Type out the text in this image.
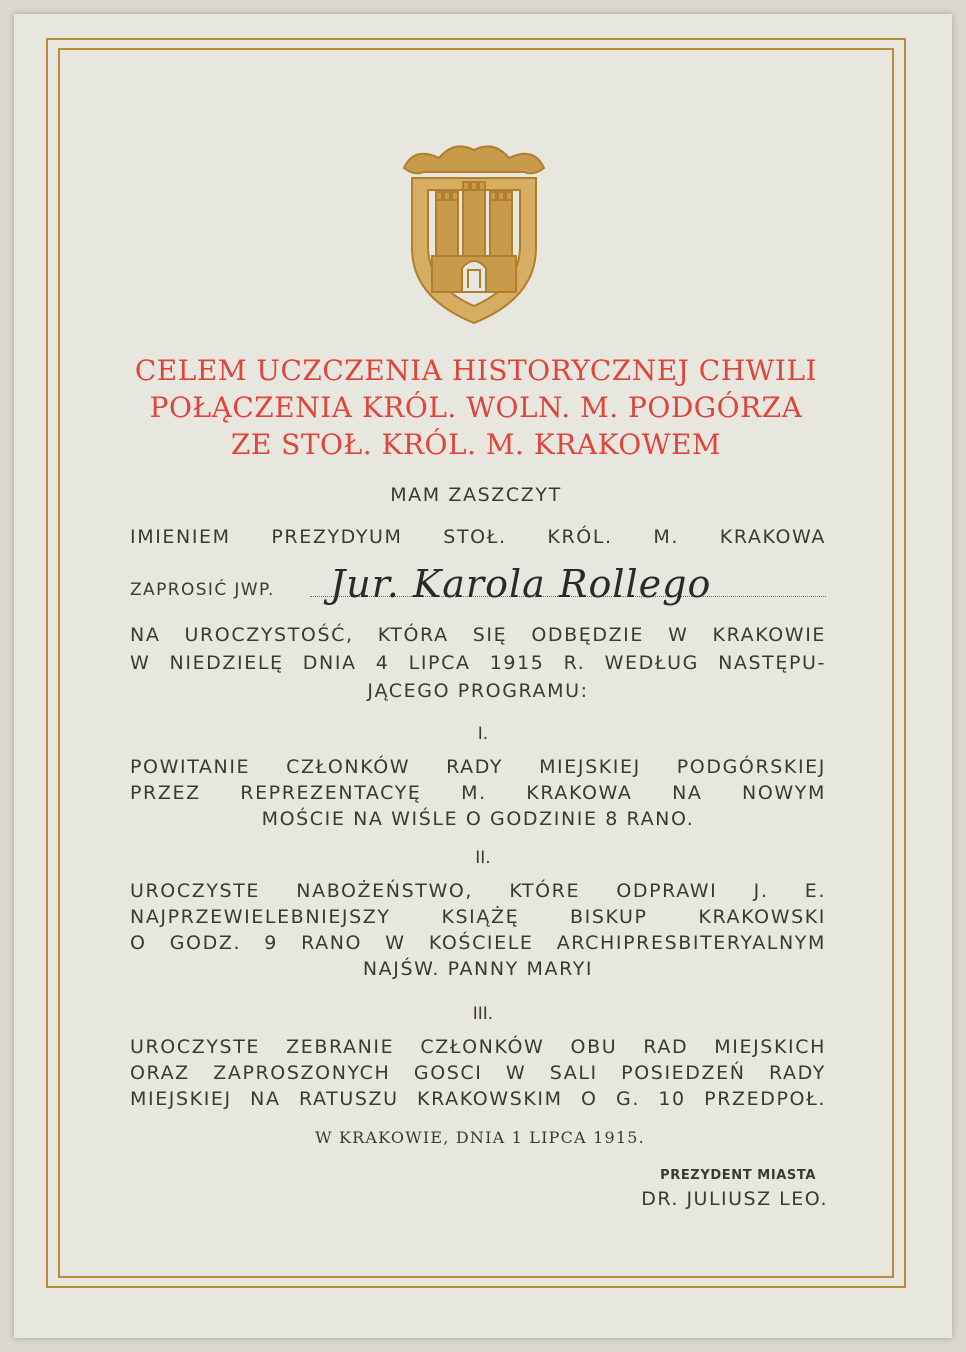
CELEM UCZCZENIA HISTORYCZNEJ CHWILI
POŁĄCZENIA KRÓL. WOLN. M. PODGÓRZA
ZE STOŁ. KRÓL. M. KRAKOWEM
MAM ZASZCZYT
IMIENIEM PREZYDYUM STOŁ. KRÓL. M. KRAKOWA
ZAPROSIĆ JWP. Jur. Karola Rollego
NA UROCZYSTOŚĆ, KTÓRA SIĘ ODBĘDZIE W KRAKOWIE
W NIEDZIELĘ DNIA 4 LIPCA 1915 R. WEDŁUG NASTĘPU-
JĄCEGO PROGRAMU:
I.
POWITANIE CZŁONKÓW RADY MIEJSKIEJ PODGÓRSKIEJ
PRZEZ REPREZENTACYĘ M. KRAKOWA NA NOWYM
MOŚCIE NA WIŚLE O GODZINIE 8 RANO.
II.
UROCZYSTE NABOŻEŃSTWO, KTÓRE ODPRAWI J. E.
NAJPRZEWIELEBNIEJSZY KSIĄŻĘ BISKUP KRAKOWSKI
O GODZ. 9 RANO W KOŚCIELE ARCHIPRESBITERYALNYM
NAJŚW. PANNY MARYI
III.
UROCZYSTE ZEBRANIE CZŁONKÓW OBU RAD MIEJSKICH
ORAZ ZAPROSZONYCH GOSCI W SALI POSIEDZEŃ RADY
MIEJSKIEJ NA RATUSZU KRAKOWSKIM O G. 10 PRZEDPOŁ.
W KRAKOWIE, DNIA 1 LIPCA 1915.
PREZYDENT MIASTA
DR. JULIUSZ LEO.
